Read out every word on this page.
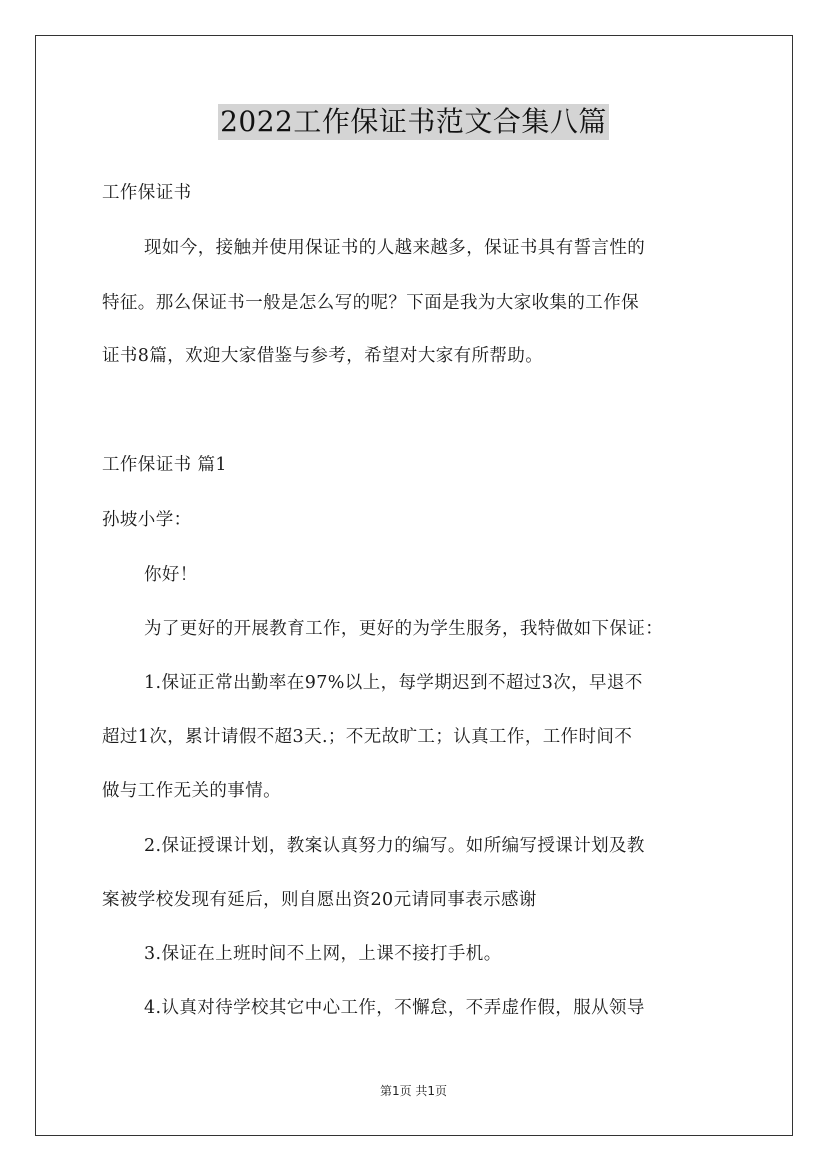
2022工作保证书范文合集八篇
工作保证书
现如今，接触并使用保证书的人越来越多，保证书具有誓言性的
特征。那么保证书一般是怎么写的呢？下面是我为大家收集的工作保
证书8篇，欢迎大家借鉴与参考，希望对大家有所帮助。
工作保证书 篇1
孙坡小学：
你好！
为了更好的开展教育工作，更好的为学生服务，我特做如下保证：
1.保证正常出勤率在97%以上，每学期迟到不超过3次，早退不
超过1次，累计请假不超3天.；不无故旷工；认真工作，工作时间不
做与工作无关的事情。
2.保证授课计划，教案认真努力的编写。如所编写授课计划及教
案被学校发现有延后，则自愿出资20元请同事表示感谢
3.保证在上班时间不上网，上课不接打手机。
4.认真对待学校其它中心工作，不懈怠，不弄虚作假，服从领导
第1页 共1页
